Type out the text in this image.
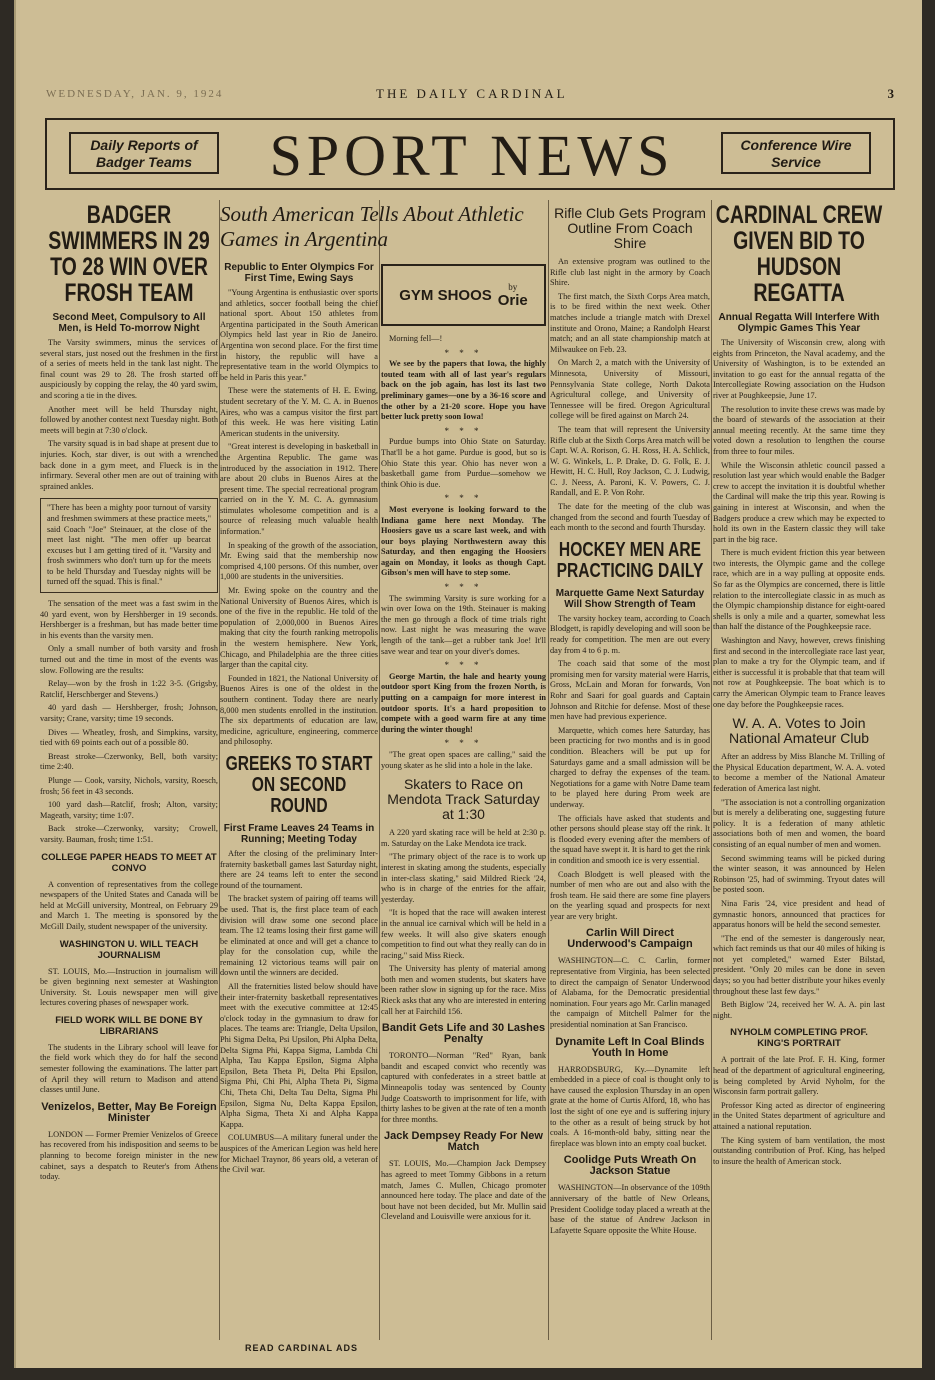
WEDNESDAY, JAN. 9, 1924	THE DAILY CARDINAL	3
Daily Reports of Badger Teams	SPORT NEWS	Conference Wire Service
BADGER SWIMMERS IN 29 TO 28 WIN OVER FROSH TEAM
Second Meet, Compulsory to All Men, is Held To-morrow Night

The Varsity swimmers, minus the services of several stars, just nosed out the freshmen in the first of a series of meets held in the tank last night. The final count was 29 to 28. The frosh started off auspiciously by copping the relay, the 40 yard swim, and scoring a tie in the dives.

Another meet will be held Thursday night, followed by another contest next Tuesday night. Both meets will begin at 7:30 o'clock.

The varsity squad is in bad shape at present due to injuries. Koch, star diver, is out with a wrenched back done in a gym meet, and Flueck is in the infirmary. Several other men are out of training with sprained ankles.

"There has been a mighty poor turnout of varsity and freshmen swimmers at these practice meets," said Coach "Joe" Steinauer, at the close of the meet last night. "The men offer up bearcat excuses but I am getting tired of it. "Varsity and frosh swimmers who don't turn up for the meets to be held Thursday and Tuesday nights will be turned off the squad. This is final."

The sensation of the meet was a fast swim in the 40 yard event, won by Hershberger in 19 seconds. Hershberger is a freshman, but has made better time in his events than the varsity men.

Only a small number of both varsity and frosh turned out and the time in most of the events was slow. Following are the results:

Relay—won by the frosh in 1:22 3-5. (Grigsby, Ratclif, Herschberger and Stevens.)

40 yard dash — Hershberger, frosh; Johnson, varsity; Crane, varsity; time 19 seconds.

Dives — Wheatley, frosh, and Simpkins, varsity, tied with 69 points each out of a possible 80.

Breast stroke—Czerwonky, Bell, both varsity; time 2:40.

Plunge — Cook, varsity, Nichols, varsity, Roesch, frosh; 56 feet in 43 seconds.

100 yard dash—Ratclif, frosh; Alton, varsity; Mageath, varsity; time 1:07.

Back stroke—Czerwonky, varsity; Crowell, varsity. Bauman, frosh; time 1:51.

COLLEGE PAPER HEADS TO MEET AT CONVO

A convention of representatives from the college newspapers of the United States and Canada will be held at McGill university, Montreal, on February 29 and March 1. The meeting is sponsored by the McGill Daily, student newspaper of the university.

WASHINGTON U. WILL TEACH JOURNALISM

ST. LOUIS, Mo.—Instruction in journalism will be given beginning next semester at Washington University. St. Louis newspaper men will give lectures covering phases of newspaper work.

FIELD WORK WILL BE DONE BY LIBRARIANS

The students in the Library school will leave for the field work which they do for half the second semester following the examinations. The latter part of April they will return to Madison and attend classes until June.

Venizelos, Better, May Be Foreign Minister

LONDON — Former Premier Venizelos of Greece has recovered from his indisposition and seems to be planning to become foreign minister in the new cabinet, says a despatch to Reuter's from Athens today.

South American Tells About Athletic Games in Argentina
Republic to Enter Olympics For First Time, Ewing Says

"Young Argentina is enthusiastic over sports and athletics, soccer football being the chief national sport. About 150 athletes from Argentina participated in the South American Olympics held last year in Rio de Janeiro. Argentina won second place. For the first time in history, the republic will have a representative team in the world Olympics to be held in Paris this year."

These were the statements of H. E. Ewing, student secretary of the Y. M. C. A. in Buenos Aires, who was a campus visitor the first part of this week. He was here visiting Latin American students in the university.

"Great interest is developing in basketball in the Argentina Republic. The game was introduced by the association in 1912. There are about 20 clubs in Buenos Aires at the present time. The special recreational program carried on in the Y. M. C. A. gymnasium stimulates wholesome competition and is a source of releasing much valuable health information."

In speaking of the growth of the association, Mr. Ewing said that the membership now comprised 4,100 persons. Of this number, over 1,000 are students in the universities.

Mr. Ewing spoke on the country and the National University of Buenos Aires, which is one of the five in the republic. He told of the population of 2,000,000 in Buenos Aires making that city the fourth ranking metropolis in the western hemisphere. New York, Chicago, and Philadelphia are the three cities larger than the capital city.

Founded in 1821, the National University of Buenos Aires is one of the oldest in the southern continent. Today there are nearly 8,000 men students enrolled in the institution. The six departments of education are law, medicine, agriculture, engineering, commerce and philosophy.

GREEKS TO START ON SECOND ROUND
First Frame Leaves 24 Teams in Running; Meeting Today

After the closing of the preliminary Inter-fraternity basketball games last Saturday night, there are 24 teams left to enter the second round of the tournament.

The bracket system of pairing off teams will be used. That is, the first place team of each division will draw some one second place team. The 12 teams losing their first game will be eliminated at once and will get a chance to play for the consolation cup, while the remaining 12 victorious teams will pair on down until the winners are decided.

All the fraternities listed below should have their inter-fraternity basketball representatives meet with the executive committee at 12:45 o'clock today in the gymnasium to draw for places. The teams are: Triangle, Delta Upsilon, Phi Sigma Delta, Psi Upsilon, Phi Alpha Delta, Delta Sigma Phi, Kappa Sigma, Lambda Chi Alpha, Tau Kappa Epsilon, Sigma Alpha Epsilon, Beta Theta Pi, Delta Phi Epsilon, Sigma Phi, Chi Phi, Alpha Theta Pi, Sigma Chi, Theta Chi, Delta Tau Delta, Sigma Phi Epsilon, Sigma Nu, Delta Kappa Epsilon, Alpha Sigma, Theta Xi and Alpha Kappa Kappa.

COLUMBUS—A military funeral under the auspices of the American Legion was held here for Michael Traynor, 86 years old, a veteran of the Civil war.

GYM SHOOS	by
Orie

Morning fell—!

* * *

We see by the papers that Iowa, the highly touted team with all of last year's regulars back on the job again, has lost its last two preliminary games—one by a 36-16 score and the other by a 21-20 score. Hope you have better luck pretty soon Iowa!

* * *

Purdue bumps into Ohio State on Saturday. That'll be a hot game. Purdue is good, but so is Ohio State this year. Ohio has never won a basketball game from Purdue—somehow we think Ohio is due.

* * *

Most everyone is looking forward to the Indiana game here next Monday. The Hoosiers gave us a scare last week, and with our boys playing Northwestern away this Saturday, and then engaging the Hoosiers again on Monday, it looks as though Capt. Gibson's men will have to step some.

* * *

The swimming Varsity is sure working for a win over Iowa on the 19th. Steinauer is making the men go through a flock of time trials right now. Last night he was measuring the wave length of the tank—get a rubber tank Joe! It'll save wear and tear on your diver's domes.

* * *

George Martin, the hale and hearty young outdoor sport King from the frozen North, is putting on a campaign for more interest in outdoor sports. It's a hard proposition to compete with a good warm fire at any time during the winter though!

* * *

"The great open spaces are calling," said the young skater as he slid into a hole in the lake.

Skaters to Race on Mendota Track Saturday at 1:30

A 220 yard skating race will be held at 2:30 p. m. Saturday on the Lake Mendota ice track.

"The primary object of the race is to work up interest in skating among the students, especially in inter-class skating," said Mildred Rieck '24, who is in charge of the entries for the affair, yesterday.

"It is hoped that the race will awaken interest in the annual ice carnival which will be held in a few weeks. It will also give skaters enough competition to find out what they really can do in racing," said Miss Rieck.

The University has plenty of material among both men and women students, but skaters have been rather slow in signing up for the race. Miss Rieck asks that any who are interested in entering call her at Fairchild 156.

Bandit Gets Life and 30 Lashes Penalty

TORONTO—Norman "Red" Ryan, bank bandit and escaped convict who recently was captured with confederates in a street battle at Minneapolis today was sentenced by County Judge Coatsworth to imprisonment for life, with thirty lashes to be given at the rate of ten a month for three months.

Jack Dempsey Ready For New Match

ST. LOUIS, Mo.—Champion Jack Dempsey has agreed to meet Tommy Gibbons in a return match, James C. Mullen, Chicago promoter announced here today. The place and date of the bout have not been decided, but Mr. Mullin said Cleveland and Louisville were anxious for it.

Rifle Club Gets Program Outline From Coach Shire

An extensive program was outlined to the Rifle club last night in the armory by Coach Shire.

The first match, the Sixth Corps Area match, is to be fired within the next week. Other matches include a triangle match with Drexel institute and Orono, Maine; a Randolph Hearst match; and an all state championship match at Milwaukee on Feb. 23.

On March 2, a match with the University of Minnesota, University of Missouri, Pennsylvania State college, North Dakota Agricultural college, and University of Tennessee will be fired. Oregon Agricultural college will be fired against on March 24.

The team that will represent the University Rifle club at the Sixth Corps Area match will be Capt. W. A. Rorison, G. H. Ross, H. A. Schlick, W. G. Winkels, L. P. Drake, D. G. Folk, E. J. Hewitt, H. C. Hull, Roy Jackson, C. J. Ludwig, C. J. Neess, A. Paroni, K. V. Powers, C. J. Randall, and E. P. Von Rohr.

The date for the meeting of the club was changed from the second and fourth Tuesday of each month to the second and fourth Thursday.

HOCKEY MEN ARE PRACTICING DAILY
Marquette Game Next Saturday Will Show Strength of Team

The varsity hockey team, according to Coach Blodgett, is rapidly developing and will soon be ready for competition. The men are out every day from 4 to 6 p. m.

The coach said that some of the most promising men for varsity material were Harris, Gross, McLain and Moran for forwards, Von Rohr and Saari for goal guards and Captain Johnson and Ritchie for defense. Most of these men have had previous experience.

Marquette, which comes here Saturday, has been practicing for two months and is in good condition. Bleachers will be put up for Saturdays game and a small admission will be charged to defray the expenses of the team. Negotiations for a game with Notre Dame team to be played here during Prom week are underway.

The officials have asked that students and other persons should please stay off the rink. It is flooded every evening after the members of the squad have swept it. It is hard to get the rink in condition and smooth ice is very essential.

Coach Blodgett is well pleased with the number of men who are out and also with the frosh team. He said there are some fine players on the yearling squad and prospects for next year are very bright.

Carlin Will Direct Underwood's Campaign

WASHINGTON—C. C. Carlin, former representative from Virginia, has been selected to direct the campaign of Senator Underwood of Alabama, for the Democratic presidential nomination. Four years ago Mr. Carlin managed the campaign of Mitchell Palmer for the presidential nomination at San Francisco.

Dynamite Left In Coal Blinds Youth In Home

HARRODSBURG, Ky.—Dynamite left embedded in a piece of coal is thought only to have caused the explosion Thursday in an open grate at the home of Curtis Alford, 18, who has lost the sight of one eye and is suffering injury to the other as a result of being struck by hot coals. A 16-month-old baby, sitting near the fireplace was blown into an empty coal bucket.

Coolidge Puts Wreath On Jackson Statue

WASHINGTON—In observance of the 109th anniversary of the battle of New Orleans, President Coolidge today placed a wreath at the base of the statue of Andrew Jackson in Lafayette Square opposite the White House.

CARDINAL CREW GIVEN BID TO HUDSON REGATTA
Annual Regatta Will Interfere With Olympic Games This Year

The University of Wisconsin crew, along with eights from Princeton, the Naval academy, and the University of Washington, is to be extended an invitation to go east for the annual regatta of the Intercollegiate Rowing association on the Hudson river at Poughkeepsie, June 17.

The resolution to invite these crews was made by the board of stewards of the association at their annual meeting recently. At the same time they voted down a resolution to lengthen the course from three to four miles.

While the Wisconsin athletic council passed a resolution last year which would enable the Badger crew to accept the invitation it is doubtful whether the Cardinal will make the trip this year. Rowing is gaining in interest at Wisconsin, and when the Badgers produce a crew which may be expected to hold its own in the Eastern classic they will take part in the big race.

There is much evident friction this year between two interests, the Olympic game and the college race, which are in a way pulling at opposite ends. So far as the Olympics are concerned, there is little relation to the intercollegiate classic in as much as the Olympic championship distance for eight-oared shells is only a mile and a quarter, somewhat less than half the distance of the Poughkeepsie race.

Washington and Navy, however, crews finishing first and second in the intercollegiate race last year, plan to make a try for the Olympic team, and if either is successful it is probable that that team will not row at Poughkeepsie. The boat which is to carry the American Olympic team to France leaves one day before the Poughkeepsie races.

W. A. A. Votes to Join National Amateur Club

After an address by Miss Blanche M. Trilling of the Physical Education department, W. A. A. voted to become a member of the National Amateur federation of America last night.

"The association is not a controlling organization but is merely a deliberating one, suggesting future policy. It is a federation of many athletic associations both of men and women, the board consisting of an equal number of men and women.

Second swimming teams will be picked during the winter season, it was announced by Helen Robinson '25, had of swimming. Tryout dates will be posted soon.

Nina Faris '24, vice president and head of gymnastic honors, announced that practices for apparatus honors will be held the second semester.

"The end of the semester is dangerously near, which fact reminds us that our 40 miles of hiking is not yet completed," warned Ester Bilstad, president. "Only 20 miles can be done in seven days; so you had better distribute your hikes evenly throughout these last few days."

Beth Biglow '24, received her W. A. A. pin last night.

NYHOLM COMPLETING PROF. KING'S PORTRAIT

A portrait of the late Prof. F. H. King, former head of the department of agricultural engineering, is being completed by Arvid Nyholm, for the Wisconsin farm portrait gallery.

Professor King acted as director of engineering in the United States department of agriculture and attained a national reputation.

The King system of barn ventilation, the most outstanding contribution of Prof. King, has helped to insure the health of American stock.

READ CARDINAL ADS
